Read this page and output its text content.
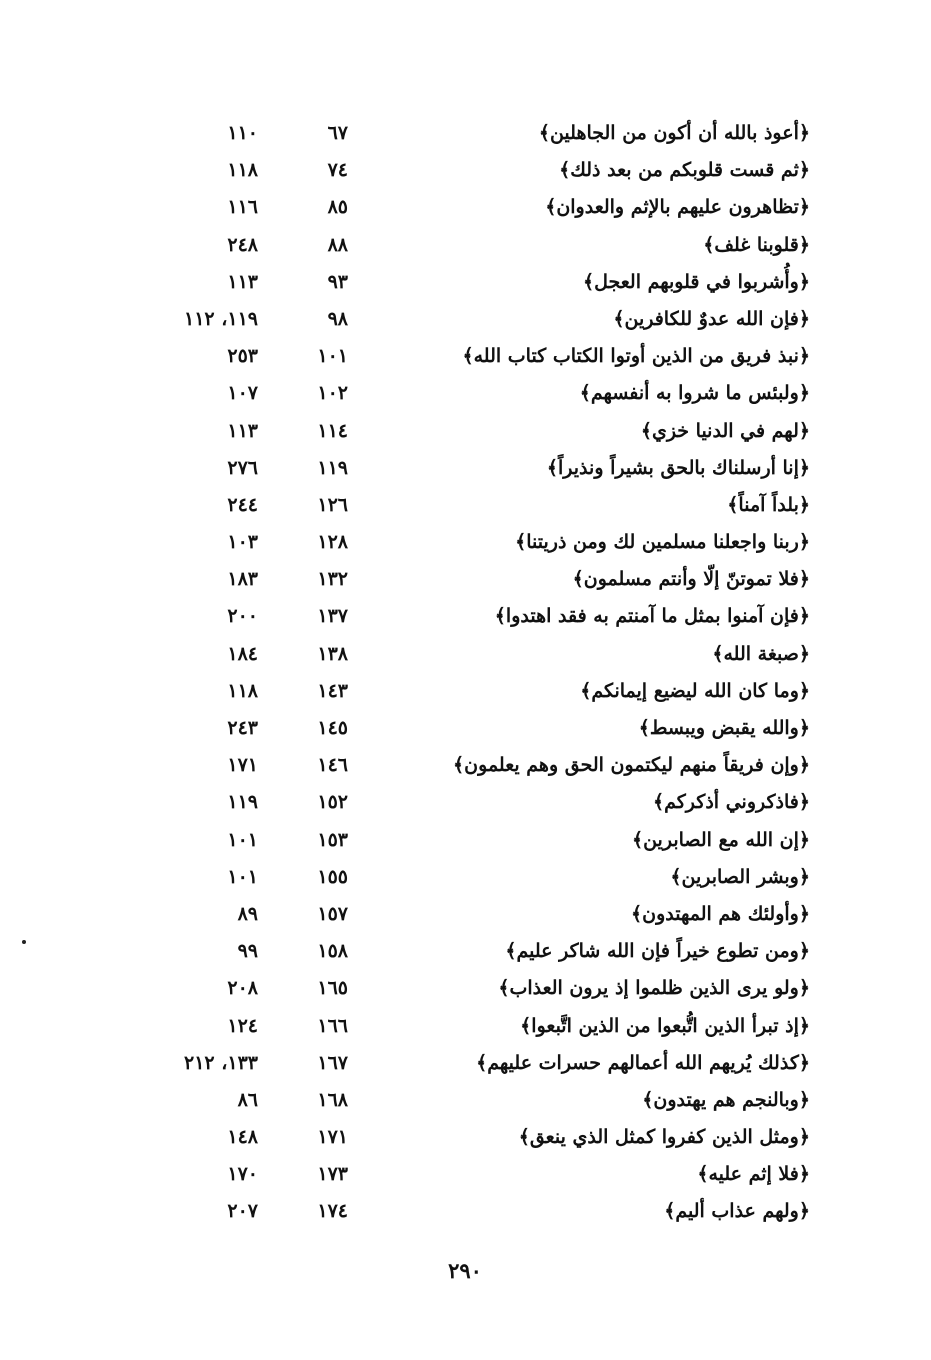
﴿أعوذ بالله أن أكون من الجاهلين﴾
٦٧
١١٠
﴿ثم قست قلوبكم من بعد ذلك﴾
٧٤
١١٨
﴿تظاهرون عليهم بالإثم والعدوان﴾
٨٥
١١٦
﴿قلوبنا غلف﴾
٨٨
٢٤٨
﴿وأُشربوا في قلوبهم العجل﴾
٩٣
١١٣
﴿فإن الله عدوٌ للكافرين﴾
٩٨
١١٩، ١١٢
﴿نبذ فريق من الذين أوتوا الكتاب كتاب الله﴾
١٠١
٢٥٣
﴿ولبئس ما شروا به أنفسهم﴾
١٠٢
١٠٧
﴿لهم في الدنيا خزي﴾
١١٤
١١٣
﴿إنا أرسلناك بالحق بشيراً ونذيراً﴾
١١٩
٢٧٦
﴿بلداً آمناً﴾
١٢٦
٢٤٤
﴿ربنا واجعلنا مسلمين لك ومن ذريتنا﴾
١٢٨
١٠٣
﴿فلا تموتنّ إلّا وأنتم مسلمون﴾
١٣٢
١٨٣
﴿فإن آمنوا بمثل ما آمنتم به فقد اهتدوا﴾
١٣٧
٢٠٠
﴿صبغة الله﴾
١٣٨
١٨٤
﴿وما كان الله ليضيع إيمانكم﴾
١٤٣
١١٨
﴿والله يقبض ويبسط﴾
١٤٥
٢٤٣
﴿وإن فريقاً منهم ليكتمون الحق وهم يعلمون﴾
١٤٦
١٧١
﴿فاذكروني أذكركم﴾
١٥٢
١١٩
﴿إن الله مع الصابرين﴾
١٥٣
١٠١
﴿وبشر الصابرين﴾
١٥٥
١٠١
﴿وأولئك هم المهتدون﴾
١٥٧
٨٩
﴿ومن تطوع خيراً فإن الله شاكر عليم﴾
١٥٨
٩٩
﴿ولو يرى الذين ظلموا إذ يرون العذاب﴾
١٦٥
٢٠٨
﴿إذ تبرأ الذين اتُّبعوا من الذين اتَّبعوا﴾
١٦٦
١٢٤
﴿كذلك يُريهم الله أعمالهم حسرات عليهم﴾
١٦٧
١٣٣، ٢١٢
﴿وبالنجم هم يهتدون﴾
١٦٨
٨٦
﴿ومثل الذين كفروا كمثل الذي ينعق﴾
١٧١
١٤٨
﴿فلا إثم عليه﴾
١٧٣
١٧٠
﴿ولهم عذاب أليم﴾
١٧٤
٢٠٧
٢٩٠
